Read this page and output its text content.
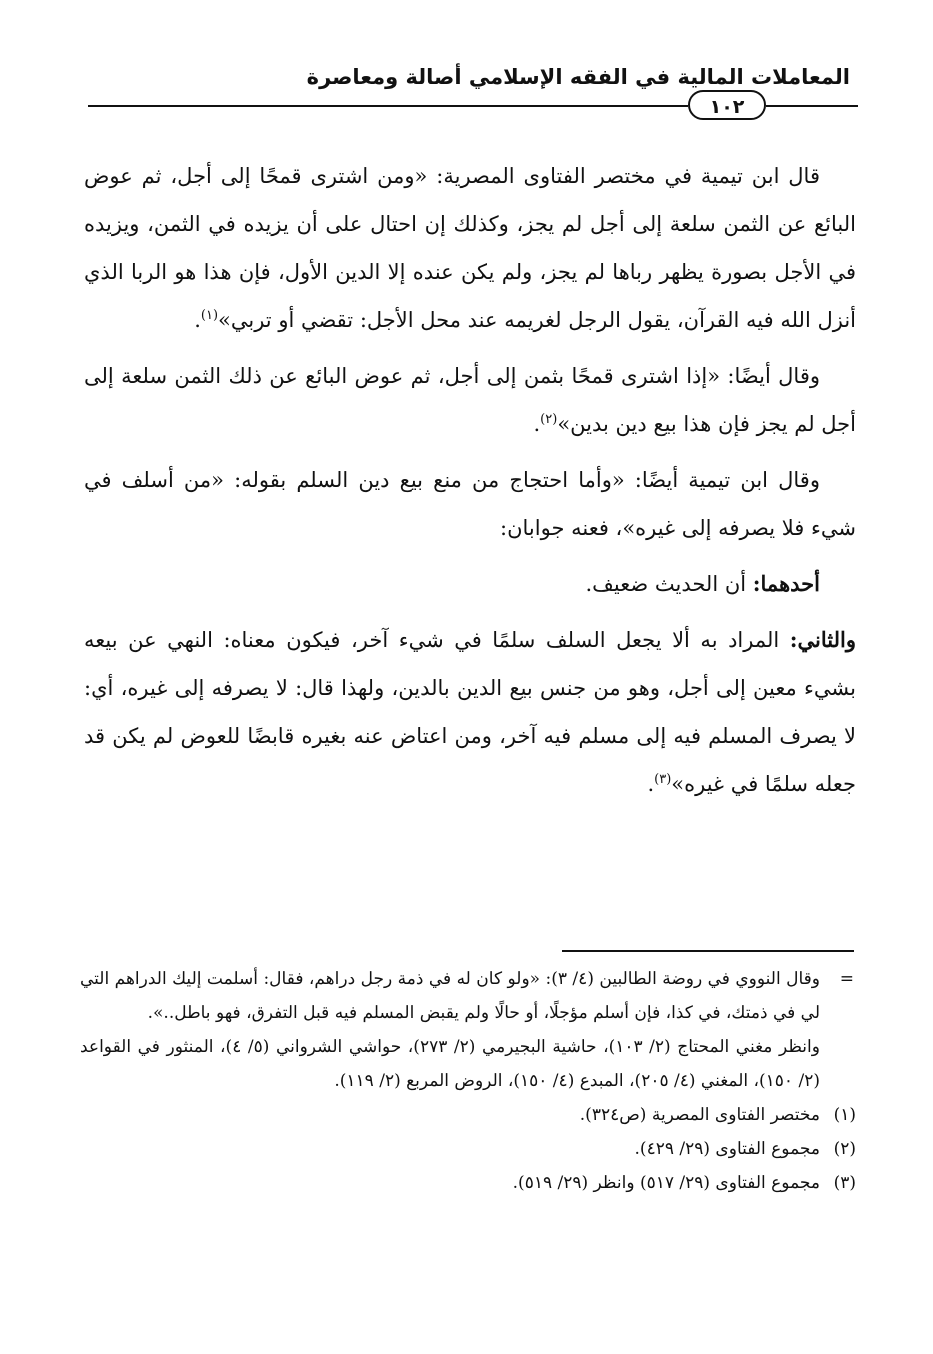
المعاملات المالية في الفقه الإسلامي أصالة ومعاصرة
١٠٢

قال ابن تيمية في مختصر الفتاوى المصرية: «ومن اشترى قمحًا إلى أجل، ثم عوض البائع عن الثمن سلعة إلى أجل لم يجز، وكذلك إن احتال على أن يزيده في الثمن، ويزيده في الأجل بصورة يظهر رباها لم يجز، ولم يكن عنده إلا الدين الأول، فإن هذا هو الربا الذي أنزل الله فيه القرآن، يقول الرجل لغريمه عند محل الأجل: تقضي أو تربي»$^{(١)}$.

وقال أيضًا: «إذا اشترى قمحًا بثمن إلى أجل، ثم عوض البائع عن ذلك الثمن سلعة إلى أجل لم يجز فإن هذا بيع دين بدين»$^{(٢)}$.

وقال ابن تيمية أيضًا: «وأما احتجاج من منع بيع دين السلم بقوله: «من أسلف في شيء فلا يصرفه إلى غيره»، فعنه جوابان:

أحدهما: أن الحديث ضعيف.

والثاني: المراد به ألا يجعل السلف سلمًا في شيء آخر، فيكون معناه: النهي عن بيعه بشيء معين إلى أجل، وهو من جنس بيع الدين بالدين، ولهذا قال: لا يصرفه إلى غيره، أي: لا يصرف المسلم فيه إلى مسلم فيه آخر، ومن اعتاض عنه بغيره قابضًا للعوض لم يكن قد جعله سلمًا في غيره»$^{(٣)}$.

=

وقال النووي في روضة الطالبين (٤/ ٣): «ولو كان له في ذمة رجل دراهم، فقال: أسلمت إليك الدراهم التي لي في ذمتك، في كذا، فإن أسلم مؤجلًا، أو حالًا ولم يقبض المسلم فيه قبل التفرق، فهو باطل..».

وانظر مغني المحتاج (٢/ ١٠٣)، حاشية البجيرمي (٢/ ٢٧٣)، حواشي الشرواني (٥/ ٤)، المنثور في القواعد (٢/ ١٥٠)، المغني (٤/ ٢٠٥)، المبدع (٤/ ١٥٠)، الروض المربع (٢/ ١١٩).

(١)
مختصر الفتاوى المصرية (ص٣٢٤).
(٢)
مجموع الفتاوى (٢٩/ ٤٢٩).
(٣)
مجموع الفتاوى (٢٩/ ٥١٧) وانظر (٢٩/ ٥١٩).
